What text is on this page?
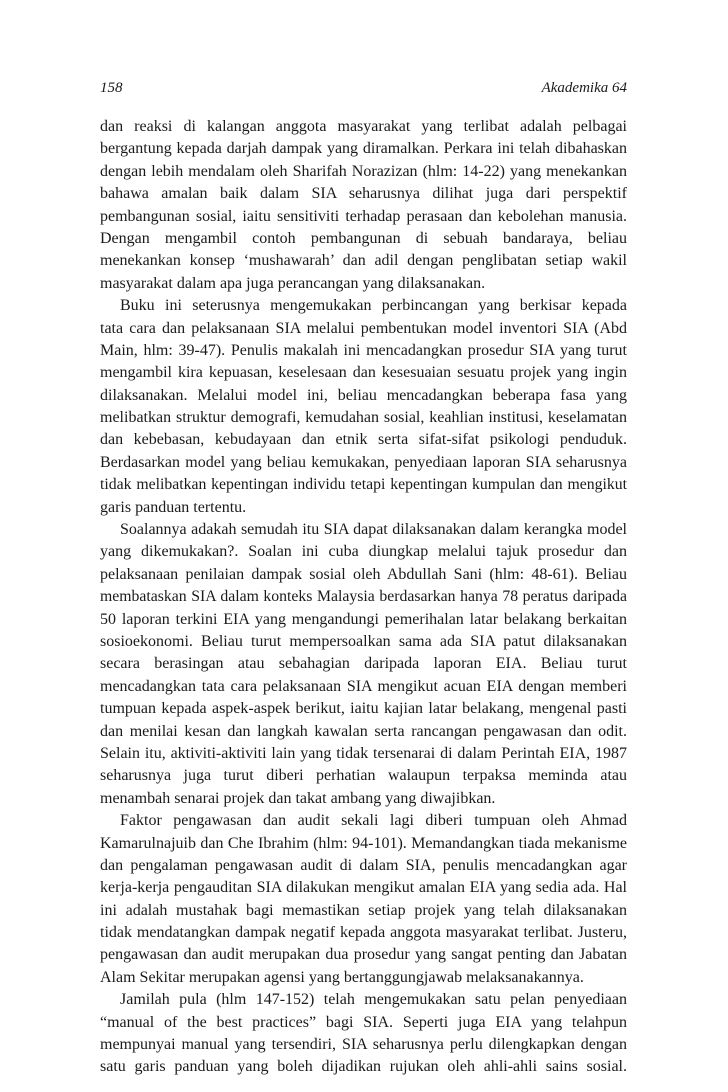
158	Akademika 64
dan reaksi di kalangan anggota masyarakat yang terlibat adalah pelbagai
bergantung kepada darjah dampak yang diramalkan. Perkara ini telah dibahaskan
dengan lebih mendalam oleh Sharifah Norazizan (hlm: 14-22) yang menekankan
bahawa amalan baik dalam SIA seharusnya dilihat juga dari perspektif
pembangunan sosial, iaitu sensitiviti terhadap perasaan dan kebolehan manusia.
Dengan mengambil contoh pembangunan di sebuah bandaraya, beliau
menekankan konsep ‘mushawarah’ dan adil dengan penglibatan setiap wakil
masyarakat dalam apa juga perancangan yang dilaksanakan.
Buku ini seterusnya mengemukakan perbincangan yang berkisar kepada
tata cara dan pelaksanaan SIA melalui pembentukan model inventori SIA (Abd
Main, hlm: 39-47). Penulis makalah ini mencadangkan prosedur SIA yang turut
mengambil kira kepuasan, keselesaan dan kesesuaian sesuatu projek yang ingin
dilaksanakan. Melalui model ini, beliau mencadangkan beberapa fasa yang
melibatkan struktur demografi, kemudahan sosial, keahlian institusi, keselamatan
dan kebebasan, kebudayaan dan etnik serta sifat-sifat psikologi penduduk.
Berdasarkan model yang beliau kemukakan, penyediaan laporan SIA seharusnya
tidak melibatkan kepentingan individu tetapi kepentingan kumpulan dan mengikut
garis panduan tertentu.
Soalannya adakah semudah itu SIA dapat dilaksanakan dalam kerangka model
yang dikemukakan?. Soalan ini cuba diungkap melalui tajuk prosedur dan
pelaksanaan penilaian dampak sosial oleh Abdullah Sani (hlm: 48-61). Beliau
membataskan SIA dalam konteks Malaysia berdasarkan hanya 78 peratus daripada
50 laporan terkini EIA yang mengandungi pemerihalan latar belakang berkaitan
sosioekonomi. Beliau turut mempersoalkan sama ada SIA patut dilaksanakan
secara berasingan atau sebahagian daripada laporan EIA. Beliau turut
mencadangkan tata cara pelaksanaan SIA mengikut acuan EIA dengan memberi
tumpuan kepada aspek-aspek berikut, iaitu kajian latar belakang, mengenal pasti
dan menilai kesan dan langkah kawalan serta rancangan pengawasan dan odit.
Selain itu, aktiviti-aktiviti lain yang tidak tersenarai di dalam Perintah EIA, 1987
seharusnya juga turut diberi perhatian walaupun terpaksa meminda atau
menambah senarai projek dan takat ambang yang diwajibkan.
Faktor pengawasan dan audit sekali lagi diberi tumpuan oleh Ahmad
Kamarulnajuib dan Che Ibrahim (hlm: 94-101). Memandangkan tiada mekanisme
dan pengalaman pengawasan audit di dalam SIA, penulis mencadangkan agar
kerja-kerja pengauditan SIA dilakukan mengikut amalan EIA yang sedia ada. Hal
ini adalah mustahak bagi memastikan setiap projek yang telah dilaksanakan
tidak mendatangkan dampak negatif kepada anggota masyarakat terlibat. Justeru,
pengawasan dan audit merupakan dua prosedur yang sangat penting dan Jabatan
Alam Sekitar merupakan agensi yang bertanggungjawab melaksanakannya.
Jamilah pula (hlm 147-152) telah mengemukakan satu pelan penyediaan
“manual of the best practices” bagi SIA. Seperti juga EIA yang telahpun
mempunyai manual yang tersendiri, SIA seharusnya perlu dilengkapkan dengan
satu garis panduan yang boleh dijadikan rujukan oleh ahli-ahli sains sosial.
